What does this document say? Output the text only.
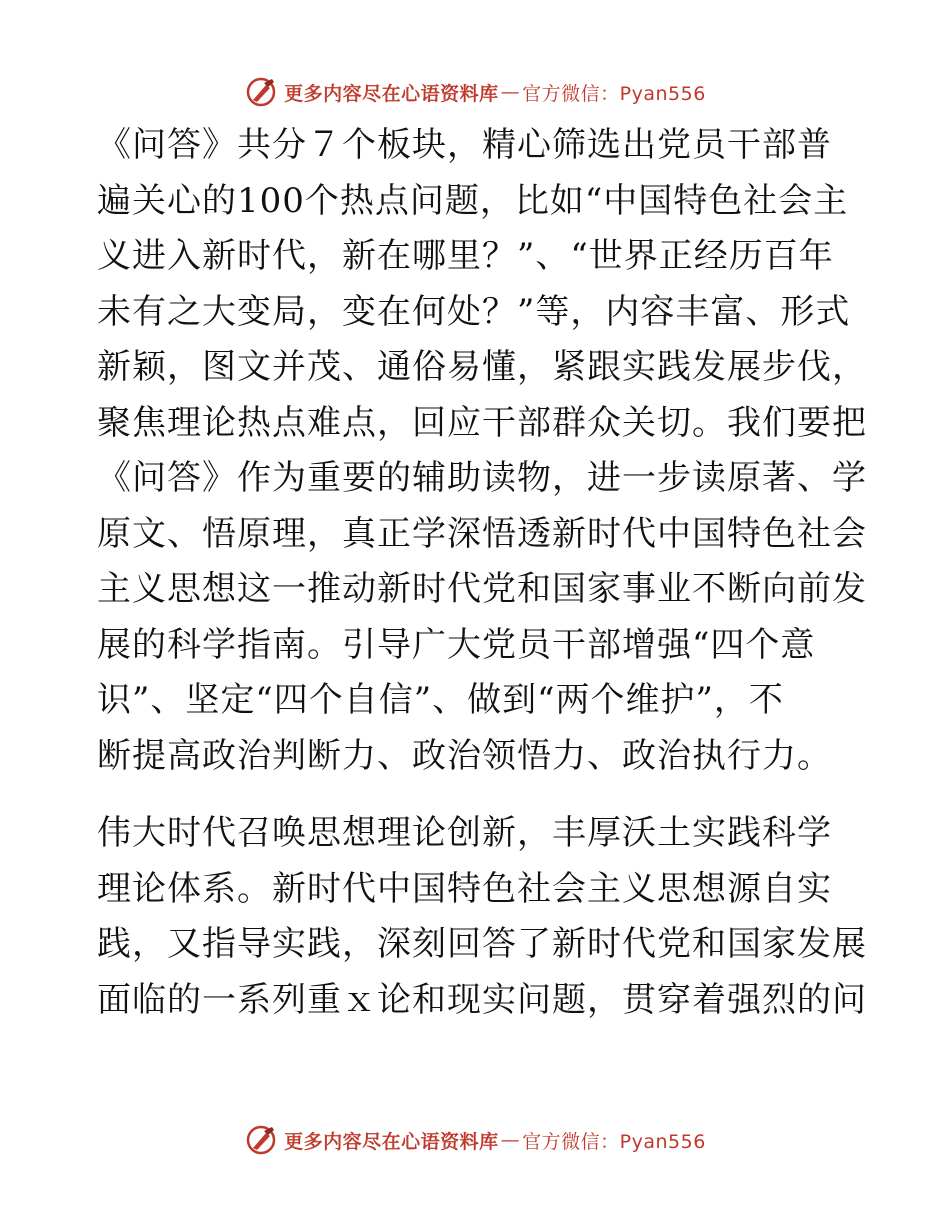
更多内容尽在心语资料库 — 官方微信：Pyan556

《问答》共分７个板块，精心筛选出党员干部普
遍关心的100个热点问题，比如“中国特色社会主
义进入新时代，新在哪里？”、“世界正经历百年
未有之大变局，变在何处？”等，内容丰富、形式
新颖，图文并茂、通俗易懂，紧跟实践发展步伐，
聚焦理论热点难点，回应干部群众关切。我们要把
《问答》作为重要的辅助读物，进一步读原著、学
原文、悟原理，真正学深悟透新时代中国特色社会
主义思想这一推动新时代党和国家事业不断向前发
展的科学指南。引导广大党员干部增强“四个意
识”、坚定“四个自信”、做到“两个维护”，不
断提高政治判断力、政治领悟力、政治执行力。

伟大时代召唤思想理论创新，丰厚沃土实践科学
理论体系。新时代中国特色社会主义思想源自实
践，又指导实践，深刻回答了新时代党和国家发展
面临的一系列重ｘ论和现实问题，贯穿着强烈的问

更多内容尽在心语资料库 — 官方微信：Pyan556
